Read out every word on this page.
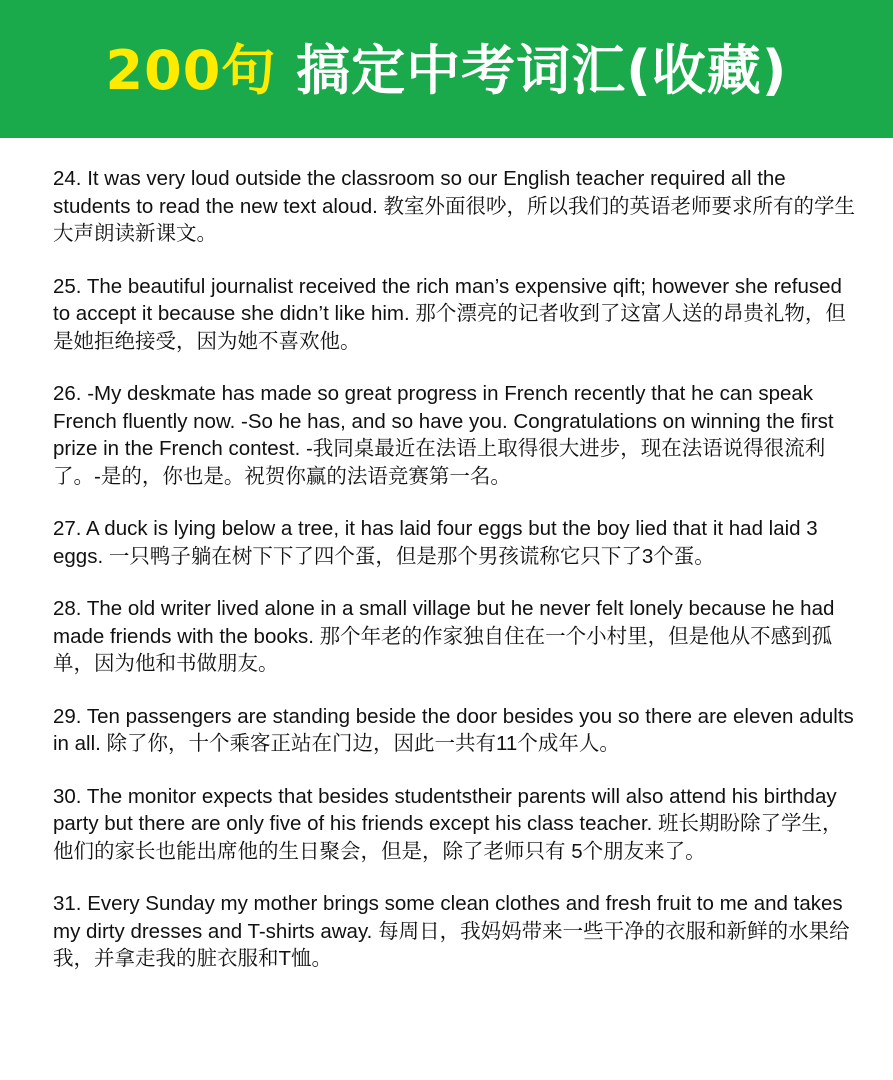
200句 搞定中考词汇(收藏)

24. It was very loud outside the classroom so our English teacher required all the students to read the new text aloud. 教室外面很吵，所以我们的英语老师要求所有的学生大声朗读新课文。

25. The beautiful journalist received the rich man’s expensive qift; however she refused to accept it because she didn’t like him. 那个漂亮的记者收到了这富人送的昂贵礼物，但是她拒绝接受，因为她不喜欢他。

26. -My deskmate has made so great progress in French recently that he can speak French fluently now. -So he has, and so have you. Congratulations on winning the first prize in the French contest. -我同桌最近在法语上取得很大进步，现在法语说得很流利了。-是的，你也是。祝贺你赢的法语竞赛第一名。

27. A duck is lying below a tree, it has laid four eggs but the boy lied that it had laid 3 eggs. 一只鸭子躺在树下下了四个蛋，但是那个男孩谎称它只下了3个蛋。

28. The old writer lived alone in a small village but he never felt lonely because he had made friends with the books. 那个年老的作家独自住在一个小村里，但是他从不感到孤单，因为他和书做朋友。

29. Ten passengers are standing beside the door besides you so there are eleven adults in all. 除了你，十个乘客正站在门边，因此一共有11个成年人。

30. The monitor expects that besides studentstheir parents will also attend his birthday party but there are only five of his friends except his class teacher. 班长期盼除了学生，他们的家长也能出席他的生日聚会，但是，除了老师只有 5个朋友来了。

31. Every Sunday my mother brings some clean clothes and fresh fruit to me and takes my dirty dresses and T-shirts away. 每周日，我妈妈带来一些干净的衣服和新鲜的水果给我，并拿走我的脏衣服和T恤。
